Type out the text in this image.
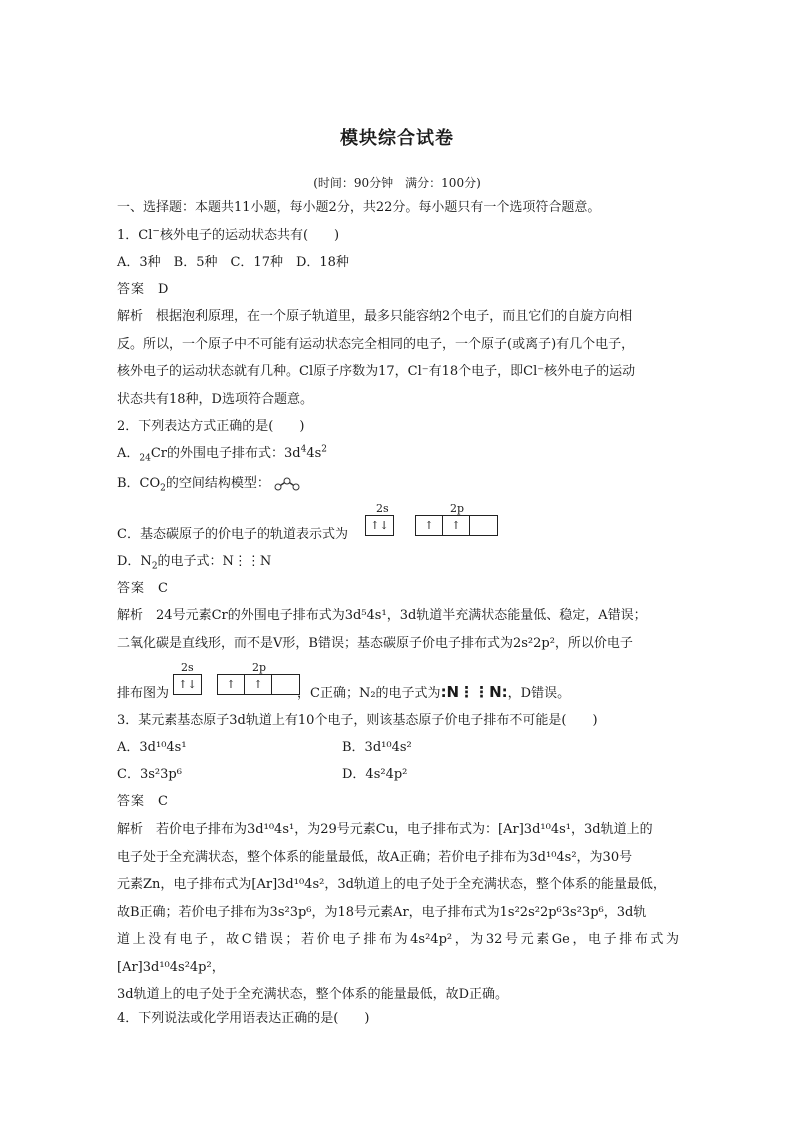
模块综合试卷
(时间：90分钟　满分：100分)
一、选择题：本题共11小题，每小题2分，共22分。每小题只有一个选项符合题意。
1．Cl−核外电子的运动状态共有(　　)
A．3种　B．5种　C．17种　D．18种
答案　 D
解析　 根据泡利原理，在一个原子轨道里，最多只能容纳2个电子，而且它们的自旋方向相
反。所以，一个原子中不可能有运动状态完全相同的电子，一个原子(或离子)有几个电子，
核外电子的运动状态就有几种。Cl原子序数为17，Cl⁻有18个电子，即Cl⁻核外电子的运动
状态共有18种，D选项符合题意。
2．下列表达方式正确的是(　　)
A．$_{24}$Cr的外围电子排布式：$3d^44s^2$
B．$CO_2$的空间结构模型：
C．基态碳原子的价电子的轨道表示式为
2s
↑↓
2p
↑	↑
D．$N_2$的电子式：N⋮⋮N
答案　 C
解析　 24号元素Cr的外围电子排布式为3d⁵4s¹，3d轨道半充满状态能量低、稳定，A错误；
二氧化碳是直线形，而不是V形，B错误；基态碳原子价电子排布式为2s²2p²，所以价电子
排布图为	，C正确；N₂的电子式为:N⋮⋮N:，D错误。
2s
↑↓
2p
↑	↑
3．某元素基态原子3d轨道上有10个电子，则该基态原子价电子排布不可能是(　　)
A．3d¹⁰4s¹	B．3d¹⁰4s²
C．3s²3p⁶	D．4s²4p²
答案　 C
解析　 若价电子排布为3d¹⁰4s¹，为29号元素Cu，电子排布式为：[Ar]3d¹⁰4s¹，3d轨道上的
电子处于全充满状态，整个体系的能量最低，故A正确；若价电子排布为3d¹⁰4s²，为30号
元素Zn，电子排布式为[Ar]3d¹⁰4s²，3d轨道上的电子处于全充满状态，整个体系的能量最低，
故B正确；若价电子排布为3s²3p⁶，为18号元素Ar，电子排布式为1s²2s²2p⁶3s²3p⁶，3d轨
道上没有电子，故C错误；若价电子排布为4s²4p²，为32号元素Ge，电子排布式为[Ar]3d¹⁰4s²4p²，
3d轨道上的电子处于全充满状态，整个体系的能量最低，故D正确。
4．下列说法或化学用语表达正确的是(　　)
